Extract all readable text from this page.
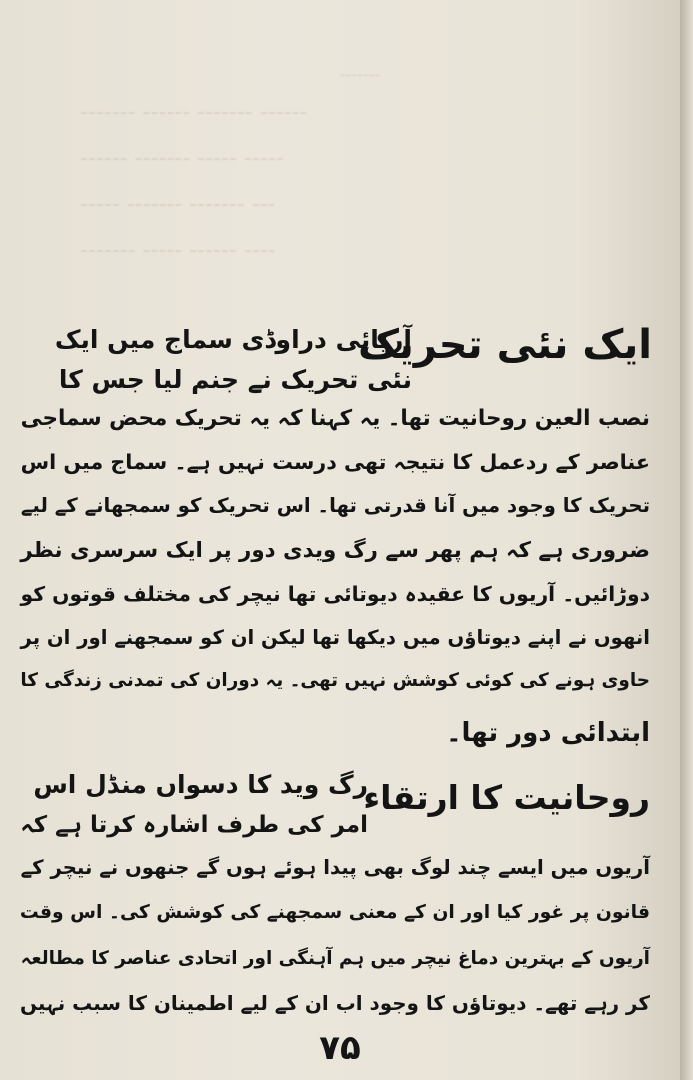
-------
------- ------ ------- ------
------ ------- ----- -----
----- ------- ------- ---
------- ----- ------ ----
ایک نئی تحریک
آریائی دراوڈی سماج میں ایک
نئی تحریک نے جنم لیا جس کا
نصب العین روحانیت تھا۔ یہ کہنا کہ یہ تحریک محض سماجی
عناصر کے ردعمل کا نتیجہ تھی درست نہیں ہے۔ سماج میں اس
تحریک کا وجود میں آنا قدرتی تھا۔ اس تحریک کو سمجھانے کے لیے
ضروری ہے کہ ہم پھر سے رگ ویدی دور پر ایک سرسری نظر
دوڑائیں۔ آریوں کا عقیدہ دیوتائی تھا نیچر کی مختلف قوتوں کو
انھوں نے اپنے دیوتاؤں میں دیکھا تھا لیکن ان کو سمجھنے اور ان پر
حاوی ہونے کی کوئی کوشش نہیں تھی۔ یہ دوران کی تمدنی زندگی کا
ابتدائی دور تھا۔
روحانیت کا ارتقاء
رگ وید کا دسواں منڈل اس
امر کی طرف اشارہ کرتا ہے کہ
آریوں میں ایسے چند لوگ بھی پیدا ہوئے ہوں گے جنھوں نے نیچر کے
قانون پر غور کیا اور ان کے معنی سمجھنے کی کوشش کی۔ اس وقت
آریوں کے بہترین دماغ نیچر میں ہم آہنگی اور اتحادی عناصر کا مطالعہ
کر رہے تھے۔ دیوتاؤں کا وجود اب ان کے لیے اطمینان کا سبب نہیں
۷۵
